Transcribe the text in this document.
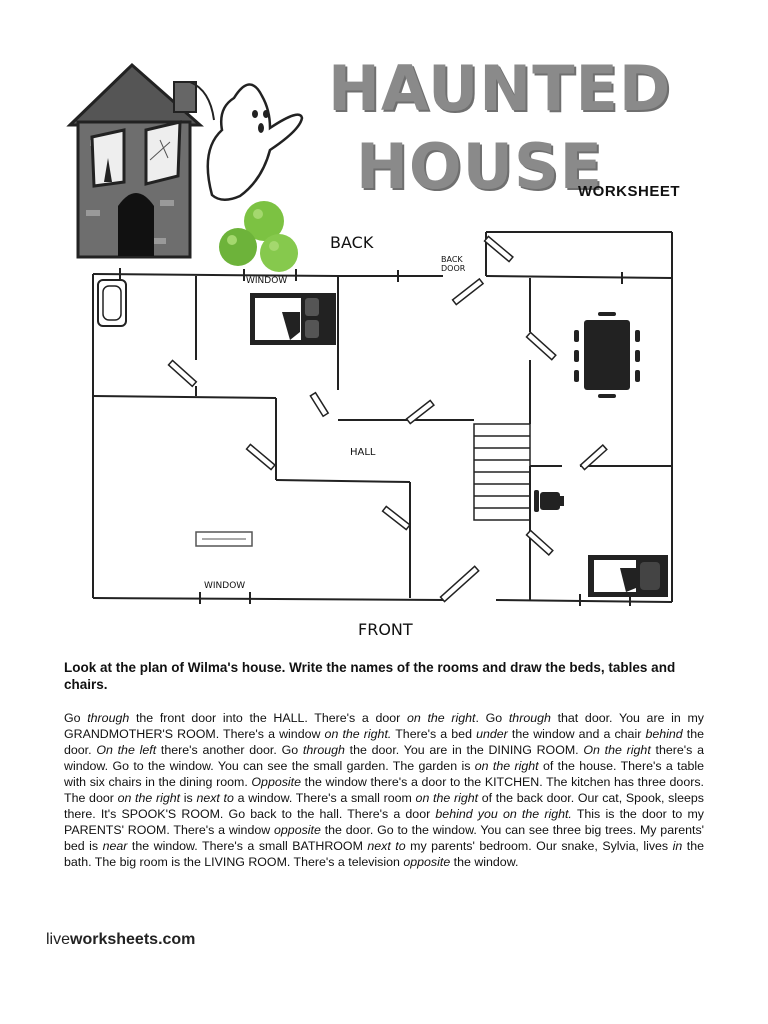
HAUNTED
HOUSE
WORKSHEET
BACK
BACK DOOR
WINDOW
HALL
WINDOW
FRONT

Look at the plan of Wilma's house. Write the names of the rooms and draw the beds, tables and chairs.

Go through the front door into the HALL. There's a door on the right. Go through that door. You are in my GRANDMOTHER'S ROOM. There's a window on the right. There's a bed under the window and a chair behind the door. On the left there's another door. Go through the door. You are in the DINING ROOM. On the right there's a window. Go to the window. You can see the small garden. The garden is on the right of the house. There's a table with six chairs in the dining room. Opposite the window there's a door to the KITCHEN. The kitchen has three doors. The door on the right is next to a window. There's a small room on the right of the back door. Our cat, Spook, sleeps there. It's SPOOK'S ROOM. Go back to the hall. There's a door behind you on the right. This is the door to my PARENTS' ROOM. There's a window opposite the door. Go to the window. You can see three big trees. My parents' bed is near the window. There's a small BATHROOM next to my parents' bedroom. Our snake, Sylvia, lives in the bath. The big room is the LIVING ROOM. There's a television opposite the window.

liveworksheets.com
